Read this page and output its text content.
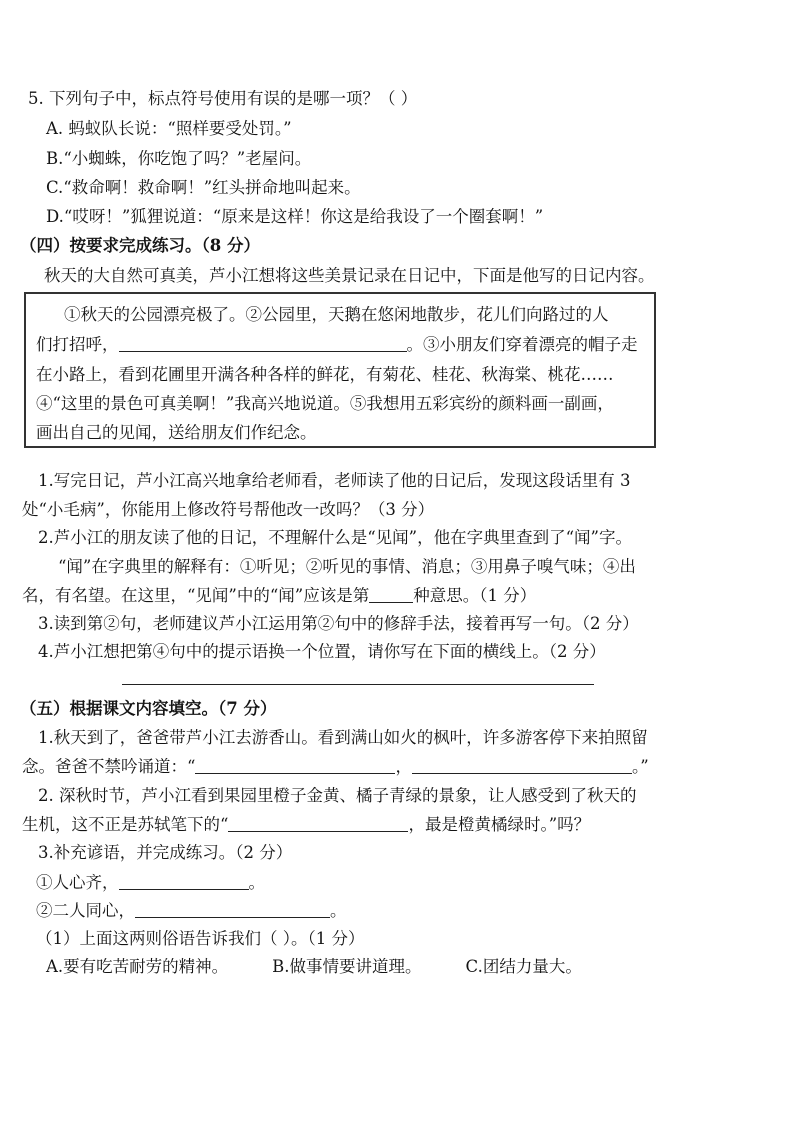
5. 下列句子中，标点符号使用有误的是哪一项？（ ）
A. 蚂蚁队长说：“照样要受处罚。”
B.“小蜘蛛，你吃饱了吗？”老屋问。
C.“救命啊！救命啊！”红头拼命地叫起来。
D.“哎呀！”狐狸说道：“原来是这样！你这是给我设了一个圈套啊！”
（四）按要求完成练习。（8 分）
秋天的大自然可真美，芦小江想将这些美景记录在日记中，下面是他写的日记内容。
①秋天的公园漂亮极了。②公园里，天鹅在悠闲地散步，花儿们向路过的人
们打招呼，	。③小朋友们穿着漂亮的帽子走
在小路上，看到花圃里开满各种各样的鲜花，有菊花、桂花、秋海棠、桃花……
④“这里的景色可真美啊！”我高兴地说道。⑤我想用五彩宾纷的颜料画一副画，
画出自己的见闻，送给朋友们作纪念。
1.写完日记，芦小江高兴地拿给老师看，老师读了他的日记后，发现这段话里有 3
处“小毛病”，你能用上修改符号帮他改一改吗？（3 分）
2.芦小江的朋友读了他的日记，不理解什么是“见闻”，他在字典里查到了“闻”字。
“闻”在字典里的解释有：①听见；②听见的事情、消息；③用鼻子嗅气味；④出
名，有名望。在这里，“见闻”中的“闻”应该是第	种意思。（1 分）
3.读到第②句，老师建议芦小江运用第②句中的修辞手法，接着再写一句。（2 分）
4.芦小江想把第④句中的提示语换一个位置，请你写在下面的横线上。（2 分）
（五）根据课文内容填空。（7 分）
1.秋天到了，爸爸带芦小江去游香山。看到满山如火的枫叶，许多游客停下来拍照留
念。爸爸不禁吟诵道：“	，	。”
2. 深秋时节，芦小江看到果园里橙子金黄、橘子青绿的景象，让人感受到了秋天的
生机，这不正是苏轼笔下的“	，最是橙黄橘绿时。”吗？
3.补充谚语，并完成练习。（2 分）
①人心齐，	。
②二人同心，	。
（1）上面这两则俗语告诉我们（ ）。（1 分）
A.要有吃苦耐劳的精神。	B.做事情要讲道理。	C.团结力量大。
